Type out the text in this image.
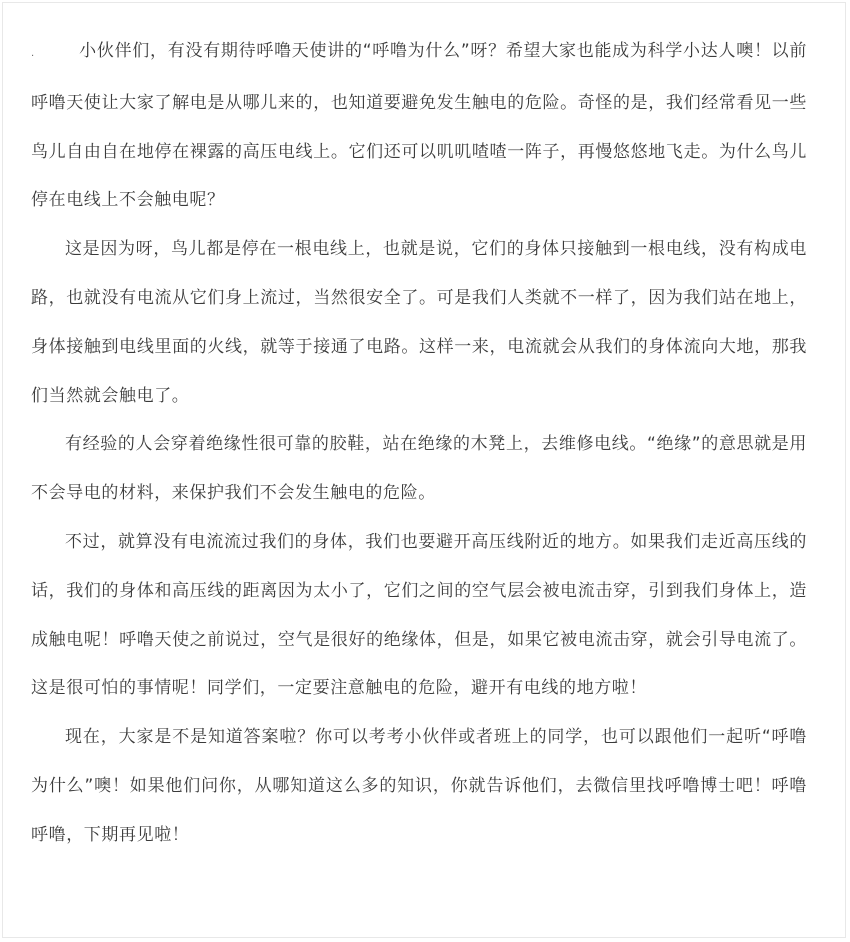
.	小伙伴们，有没有期待呼噜天使讲的“呼噜为什么”呀？希望大家也能成为科学小达人噢！以前呼噜天使让大家了解电是从哪儿来的，也知道要避免发生触电的危险。奇怪的是，我们经常看见一些鸟儿自由自在地停在裸露的高压电线上。它们还可以叽叽喳喳一阵子，再慢悠悠地飞走。为什么鸟儿停在电线上不会触电呢？

这是因为呀，鸟儿都是停在一根电线上，也就是说，它们的身体只接触到一根电线，没有构成电路，也就没有电流从它们身上流过，当然很安全了。可是我们人类就不一样了，因为我们站在地上，身体接触到电线里面的火线，就等于接通了电路。这样一来，电流就会从我们的身体流向大地，那我们当然就会触电了。

有经验的人会穿着绝缘性很可靠的胶鞋，站在绝缘的木凳上，去维修电线。“绝缘”的意思就是用不会导电的材料，来保护我们不会发生触电的危险。

不过，就算没有电流流过我们的身体，我们也要避开高压线附近的地方。如果我们走近高压线的话，我们的身体和高压线的距离因为太小了，它们之间的空气层会被电流击穿，引到我们身体上，造成触电呢！呼噜天使之前说过，空气是很好的绝缘体，但是，如果它被电流击穿，就会引导电流了。这是很可怕的事情呢！同学们，一定要注意触电的危险，避开有电线的地方啦！

现在，大家是不是知道答案啦？你可以考考小伙伴或者班上的同学，也可以跟他们一起听“呼噜为什么”噢！如果他们问你，从哪知道这么多的知识，你就告诉他们，去微信里找呼噜博士吧！呼噜呼噜，下期再见啦！
